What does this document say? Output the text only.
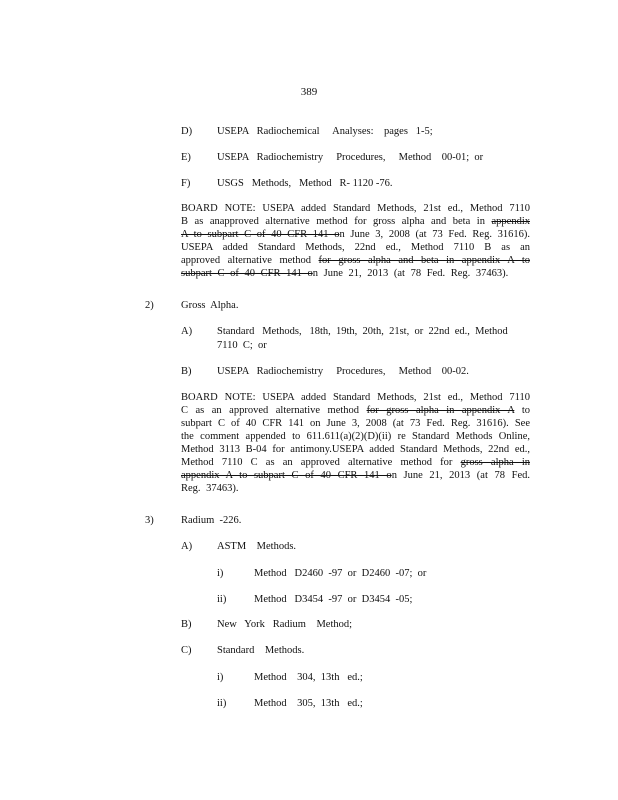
389
D) USEPA   Radiochemical     Analyses:    pages   1-5;
E) USEPA   Radiochemistry     Procedures,     Method    00-01;  or
F)	USGS   Methods,   Method   R- 1120 -76.
BOARD NOTE: USEPA added Standard Methods, 21st ed., Method 7110 B as anapproved alternative method for gross alpha and beta in appendix A to subpart C of 40 CFR 141 on June 3, 2008 (at 73 Fed. Reg. 31616). USEPA added Standard Methods, 22nd ed., Method 7110 B as an approved alternative method for gross alpha and beta in appendix A to subpart C of 40 CFR 141 on June 21, 2013 (at 78 Fed. Reg. 37463).
2)	Gross  Alpha.
A) Standard   Methods,   18th,  19th,  20th,  21st,  or  22nd  ed.,  Method
7110  C;  or
B) USEPA   Radiochemistry     Procedures,     Method    00-02.
BOARD NOTE: USEPA added Standard Methods, 21st ed., Method 7110 C as an approved alternative method for gross alpha in appendix A to subpart C of 40 CFR 141 on June 3, 2008 (at 73 Fed. Reg. 31616). See the comment appended to 611.611(a)(2)(D)(ii) re Standard Methods Online, Method 3113 B-04 for antimony.USEPA added Standard Methods, 22nd ed., Method 7110 C as an approved alternative method for gross alpha in appendix A to subpart C of 40 CFR 141 on June 21, 2013 (at 78 Fed. Reg. 37463).
3)	Radium  -226.
A) ASTM    Methods.
i)	Method   D2460  -97  or  D2460  -07;  or
ii)	Method   D3454  -97  or  D3454  -05;
B) New   York   Radium    Method;
C) Standard    Methods.
i)	Method    304,  13th   ed.;
ii)	Method    305,  13th   ed.;
